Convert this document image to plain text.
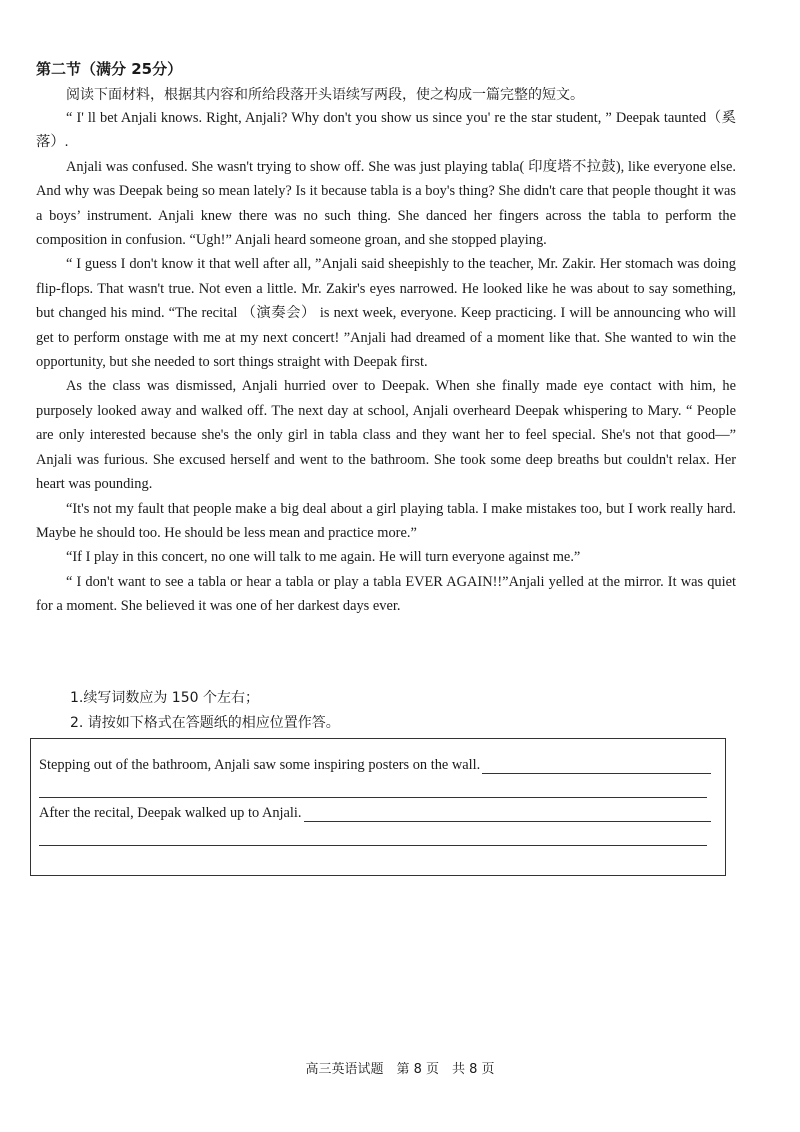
第二节（满分 25分）
阅读下面材料，根据其内容和所给段落开头语续写两段，使之构成一篇完整的短文。

“ I' ll bet Anjali knows. Right, Anjali? Why don't you show us since you' re the star student, ” Deepak taunted（奚落）.

Anjali was confused. She wasn't trying to show off. She was just playing tabla( 印度塔不拉鼓), like everyone else. And why was Deepak being so mean lately? Is it because tabla is a boy's thing? She didn't care that people thought it was a boys’ instrument. Anjali knew there was no such thing. She danced her fingers across the tabla to perform the composition in confusion. “Ugh!” Anjali heard someone groan, and she stopped playing.

“ I guess I don't know it that well after all, ”Anjali said sheepishly to the teacher, Mr. Zakir. Her stomach was doing flip-flops. That wasn't true. Not even a little. Mr. Zakir's eyes narrowed. He looked like he was about to say something, but changed his mind. “The recital （演奏会） is next week, everyone. Keep practicing. I will be announcing who will get to perform onstage with me at my next concert! ”Anjali had dreamed of a moment like that. She wanted to win the opportunity, but she needed to sort things straight with Deepak first.

As the class was dismissed, Anjali hurried over to Deepak. When she finally made eye contact with him, he purposely looked away and walked off. The next day at school, Anjali overheard Deepak whispering to Mary. “ People are only interested because she's the only girl in tabla class and they want her to feel special. She's not that good—” Anjali was furious. She excused herself and went to the bathroom. She took some deep breaths but couldn't relax. Her heart was pounding.

“It's not my fault that people make a big deal about a girl playing tabla. I make mistakes too, but I work really hard. Maybe he should too. He should be less mean and practice more.”

“If I play in this concert, no one will talk to me again. He will turn everyone against me.”

“ I don't want to see a tabla or hear a tabla or play a tabla EVER AGAIN!!”Anjali yelled at the mirror. It was quiet for a moment. She believed it was one of her darkest days ever.

1.续写词数应为 150 个左右；
2. 请按如下格式在答题纸的相应位置作答。
Stepping out of the bathroom, Anjali saw some inspiring posters on the wall.
After the recital, Deepak walked up to Anjali.
高三英语试题　第 8 页　共 8 页
